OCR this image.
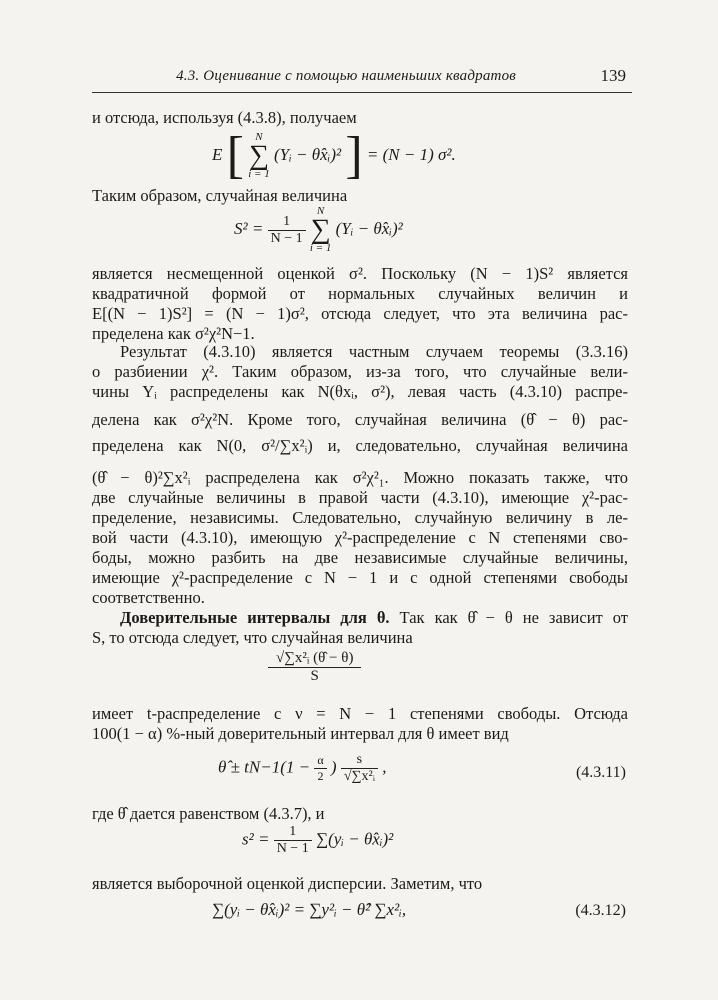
4.3. Оценивание с помощью наименьших квадратов	139
и отсюда, используя (4.3.8), получаем
E [	N
∑
i = 1
(Yᵢ − θ̂xᵢ)² ] = (N − 1) σ².
Таким образом, случайная величина
$S^2 = \frac{1}{N - 1}$

N
∑
i = 1
(Yᵢ − θ̂xᵢ)²
является несмещенной оценкой σ². Поскольку (N − 1)S² является
квадратичной формой от нормальных случайных величин и
E[(N − 1)S²] = (N − 1)σ², отсюда следует, что эта величина рас-
пределена как σ²χ²N−1.
Результат (4.3.10) является частным случаем теоремы (3.3.16)
о разбиении χ². Таким образом, из-за того, что случайные вели-
чины Yᵢ распределены как N(θxᵢ, σ²), левая часть (4.3.10) распре-
делена как σ²χ²N. Кроме того, случайная величина (θ̂ − θ) рас-
пределена как N(0, σ²/∑x²ᵢ) и, следовательно, случайная величина
(θ̂ − θ)²∑x²ᵢ распределена как σ²χ²₁. Можно показать также, что
две случайные величины в правой части (4.3.10), имеющие χ²-рас-
пределение, независимы. Следовательно, случайную величину в ле-
вой части (4.3.10), имеющую χ²-распределение с N степенями сво-
боды, можно разбить на две независимые случайные величины,
имеющие χ²-распределение с N − 1 и с одной степенями свободы
соответственно.
Доверительные интервалы для θ. Так как θ̂ − θ не зависит от
S, то отсюда следует, что случайная величина
$\frac{\text{√∑x²ᵢ (θ̂ − θ)}}{S}$
имеет t-распределение с ν = N − 1 степенями свободы. Отсюда
100(1 − α) %-ный доверительный интервал для θ имеет вид
θ̂ ± $tN-1(1 - \frac{\alpha}{2}$ ) $\frac{s}{\text{√∑x²ᵢ}}$ ,	(4.3.11)
где θ̂ дается равенством (4.3.7), и
$s^2 = \frac{1}{N - 1}$ ∑(yᵢ − θ̂xᵢ)²
является выборочной оценкой дисперсии. Заметим, что
∑(yᵢ − θ̂xᵢ)² = ∑y²ᵢ − θ̂² ∑x²ᵢ,	(4.3.12)
